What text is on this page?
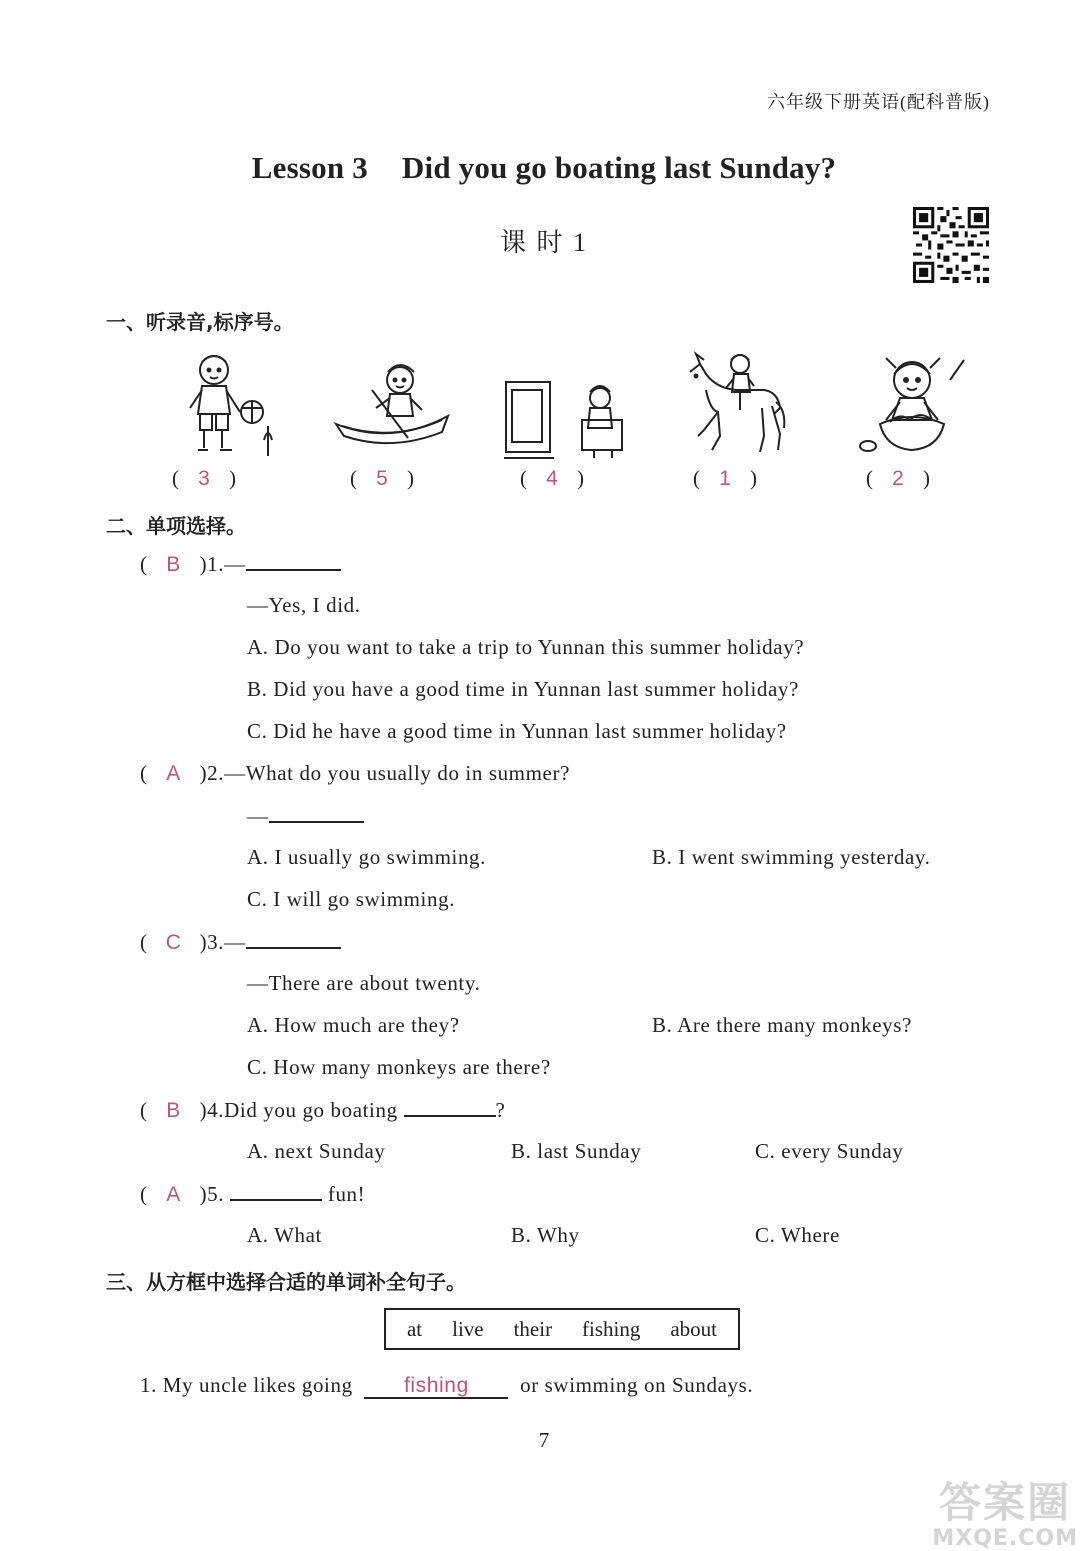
六年级下册英语(配科普版)
Lesson 3 Did you go boating last Sunday?
课 时 1
一、听录音,标序号。
( 3 )	( 5 )	( 4 )	( 1 )	( 2 )
二、单项选择。
( B )1.—
—Yes, I did.
A. Do you want to take a trip to Yunnan this summer holiday?
B. Did you have a good time in Yunnan last summer holiday?
C. Did he have a good time in Yunnan last summer holiday?
( A )2.—What do you usually do in summer?
—
A. I usually go swimming.	B. I went swimming yesterday.
C. I will go swimming.
( C )3.—
—There are about twenty.
A. How much are they?	B. Are there many monkeys?
C. How many monkeys are there?
( B )4.Did you go boating	?
A. next Sunday	B. last Sunday	C. every Sunday
( A )5.	fun!
A. What	B. Why	C. Where
三、从方框中选择合适的单词补全句子。
at live their fishing about
1. My uncle likes going fishing or swimming on Sundays.
7
答案圈
MXQE.COM
